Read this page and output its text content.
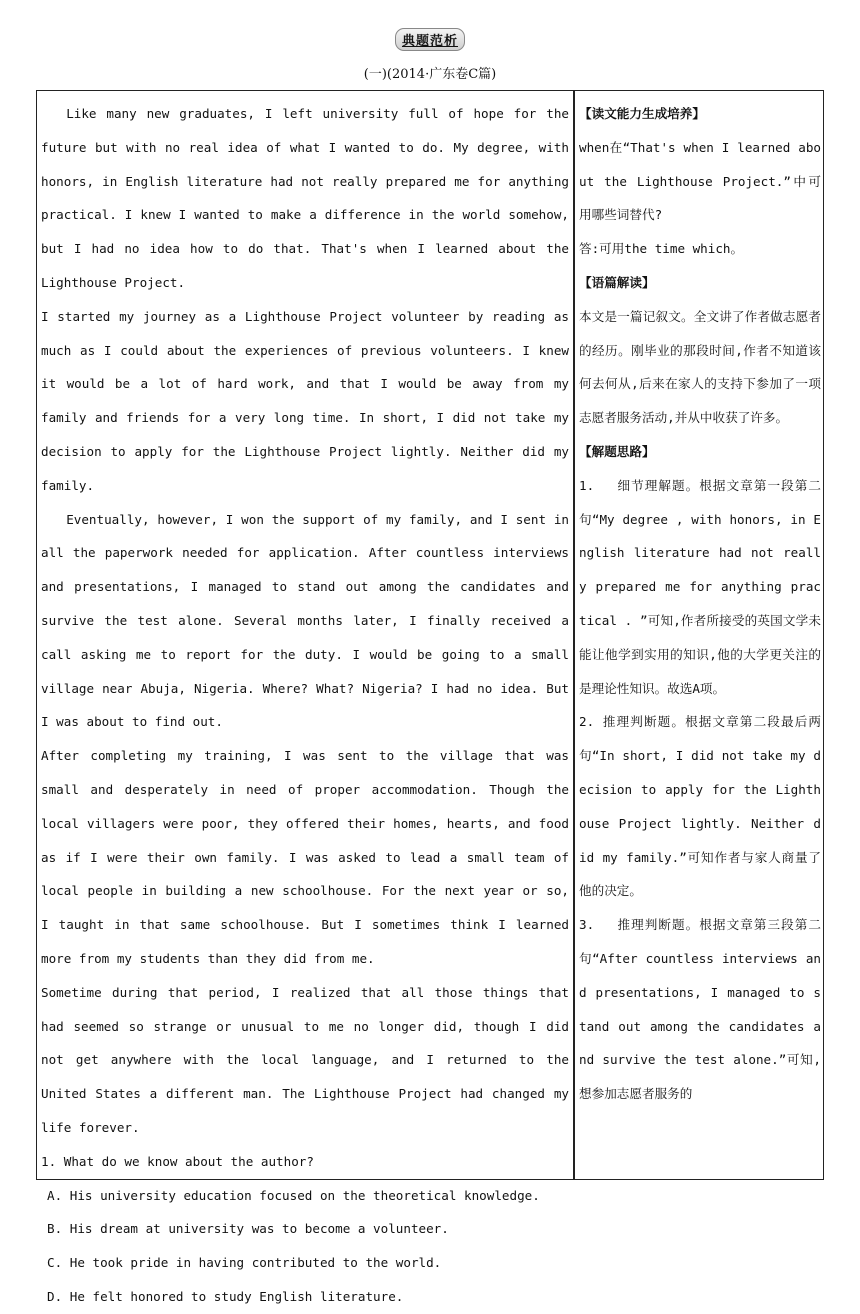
典题范析
(一)(2014·广东卷C篇)

Like many new graduates, I left university full of hope for the future but with no real idea of what I wanted to do. My degree, with honors, in English literature had not really prepared me for anything practical. I knew I wanted to make a difference in the world somehow, but I had no idea how to do that. That's when I learned about the Lighthouse Project.

I started my journey as a Lighthouse Project volunteer by reading as much as I could about the experiences of previous volunteers. I knew it would be a lot of hard work, and that I would be away from my family and friends for a very long time. In short, I did not take my decision to apply for the Lighthouse Project lightly. Neither did my family.

Eventually, however, I won the support of my family, and I sent in all the paperwork needed for application. After countless interviews and presentations, I managed to stand out among the candidates and survive the test alone. Several months later, I finally received a call asking me to report for the duty. I would be going to a small village near Abuja, Nigeria. Where? What? Nigeria? I had no idea. But I was about to find out.

After completing my training, I was sent to the village that was small and desperately in need of proper accommodation. Though the local villagers were poor, they offered their homes, hearts, and food as if I were their own family. I was asked to lead a small team of local people in building a new schoolhouse. For the next year or so, I taught in that same schoolhouse. But I sometimes think I learned more from my students than they did from me.

Sometime during that period, I realized that all those things that had seemed so strange or unusual to me no longer did, though I did not get anywhere with the local language, and I returned to the United States a different man. The Lighthouse Project had changed my life forever.

1. What do we know about the author?

A. His university education focused on the theoretical knowledge.

B. His dream at university was to become a volunteer.

C. He took pride in having contributed to the world.

D. He felt honored to study English literature.

【读文能力生成培养】

when在“That's when I learned about the Lighthouse Project.”中可用哪些词替代?

答:可用the time which。

【语篇解读】

本文是一篇记叙文。全文讲了作者做志愿者的经历。刚毕业的那段时间,作者不知道该何去何从,后来在家人的支持下参加了一项志愿者服务活动,并从中收获了许多。

【解题思路】

1.　 细节理解题。根据文章第一段第二句“My degree , with honors, in English literature had not really prepared me for anything practical . ”可知,作者所接受的英国文学未能让他学到实用的知识,他的大学更关注的是理论性知识。故选A项。

2. 推理判断题。根据文章第二段最后两句“In short, I did not take my decision to apply for the Lighthouse Project lightly. Neither did my family.”可知作者与家人商量了他的决定。

3.　 推理判断题。根据文章第三段第二句“After countless interviews and presentations, I managed to stand out among the candidates and survive the test alone.”可知,想参加志愿者服务的
